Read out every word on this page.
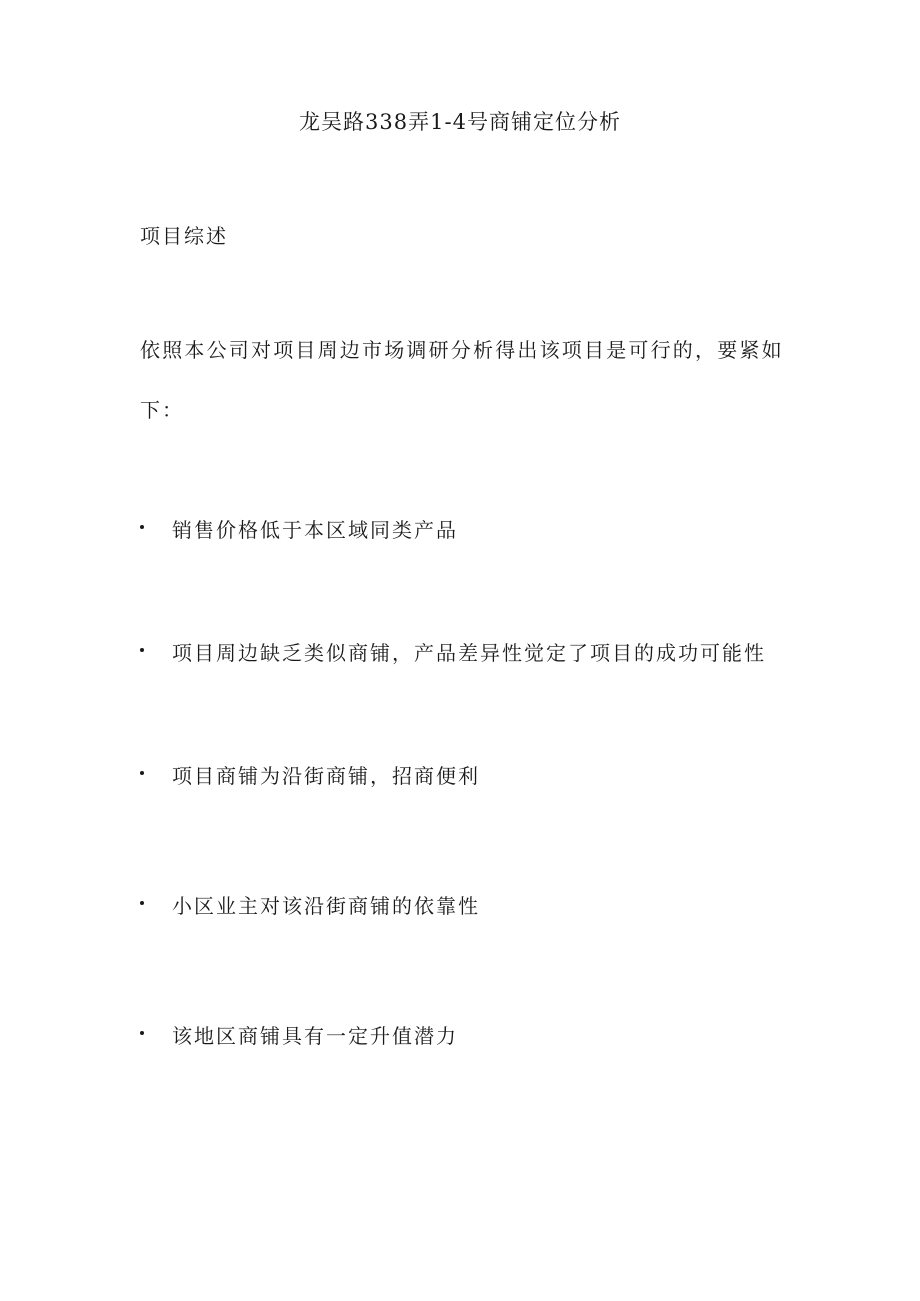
龙吴路338弄1-4号商铺定位分析
项目综述
依照本公司对项目周边市场调研分析得出该项目是可行的，要紧如
下：
销售价格低于本区域同类产品
项目周边缺乏类似商铺，产品差异性觉定了项目的成功可能性
项目商铺为沿街商铺，招商便利
小区业主对该沿街商铺的依靠性
该地区商铺具有一定升值潜力
